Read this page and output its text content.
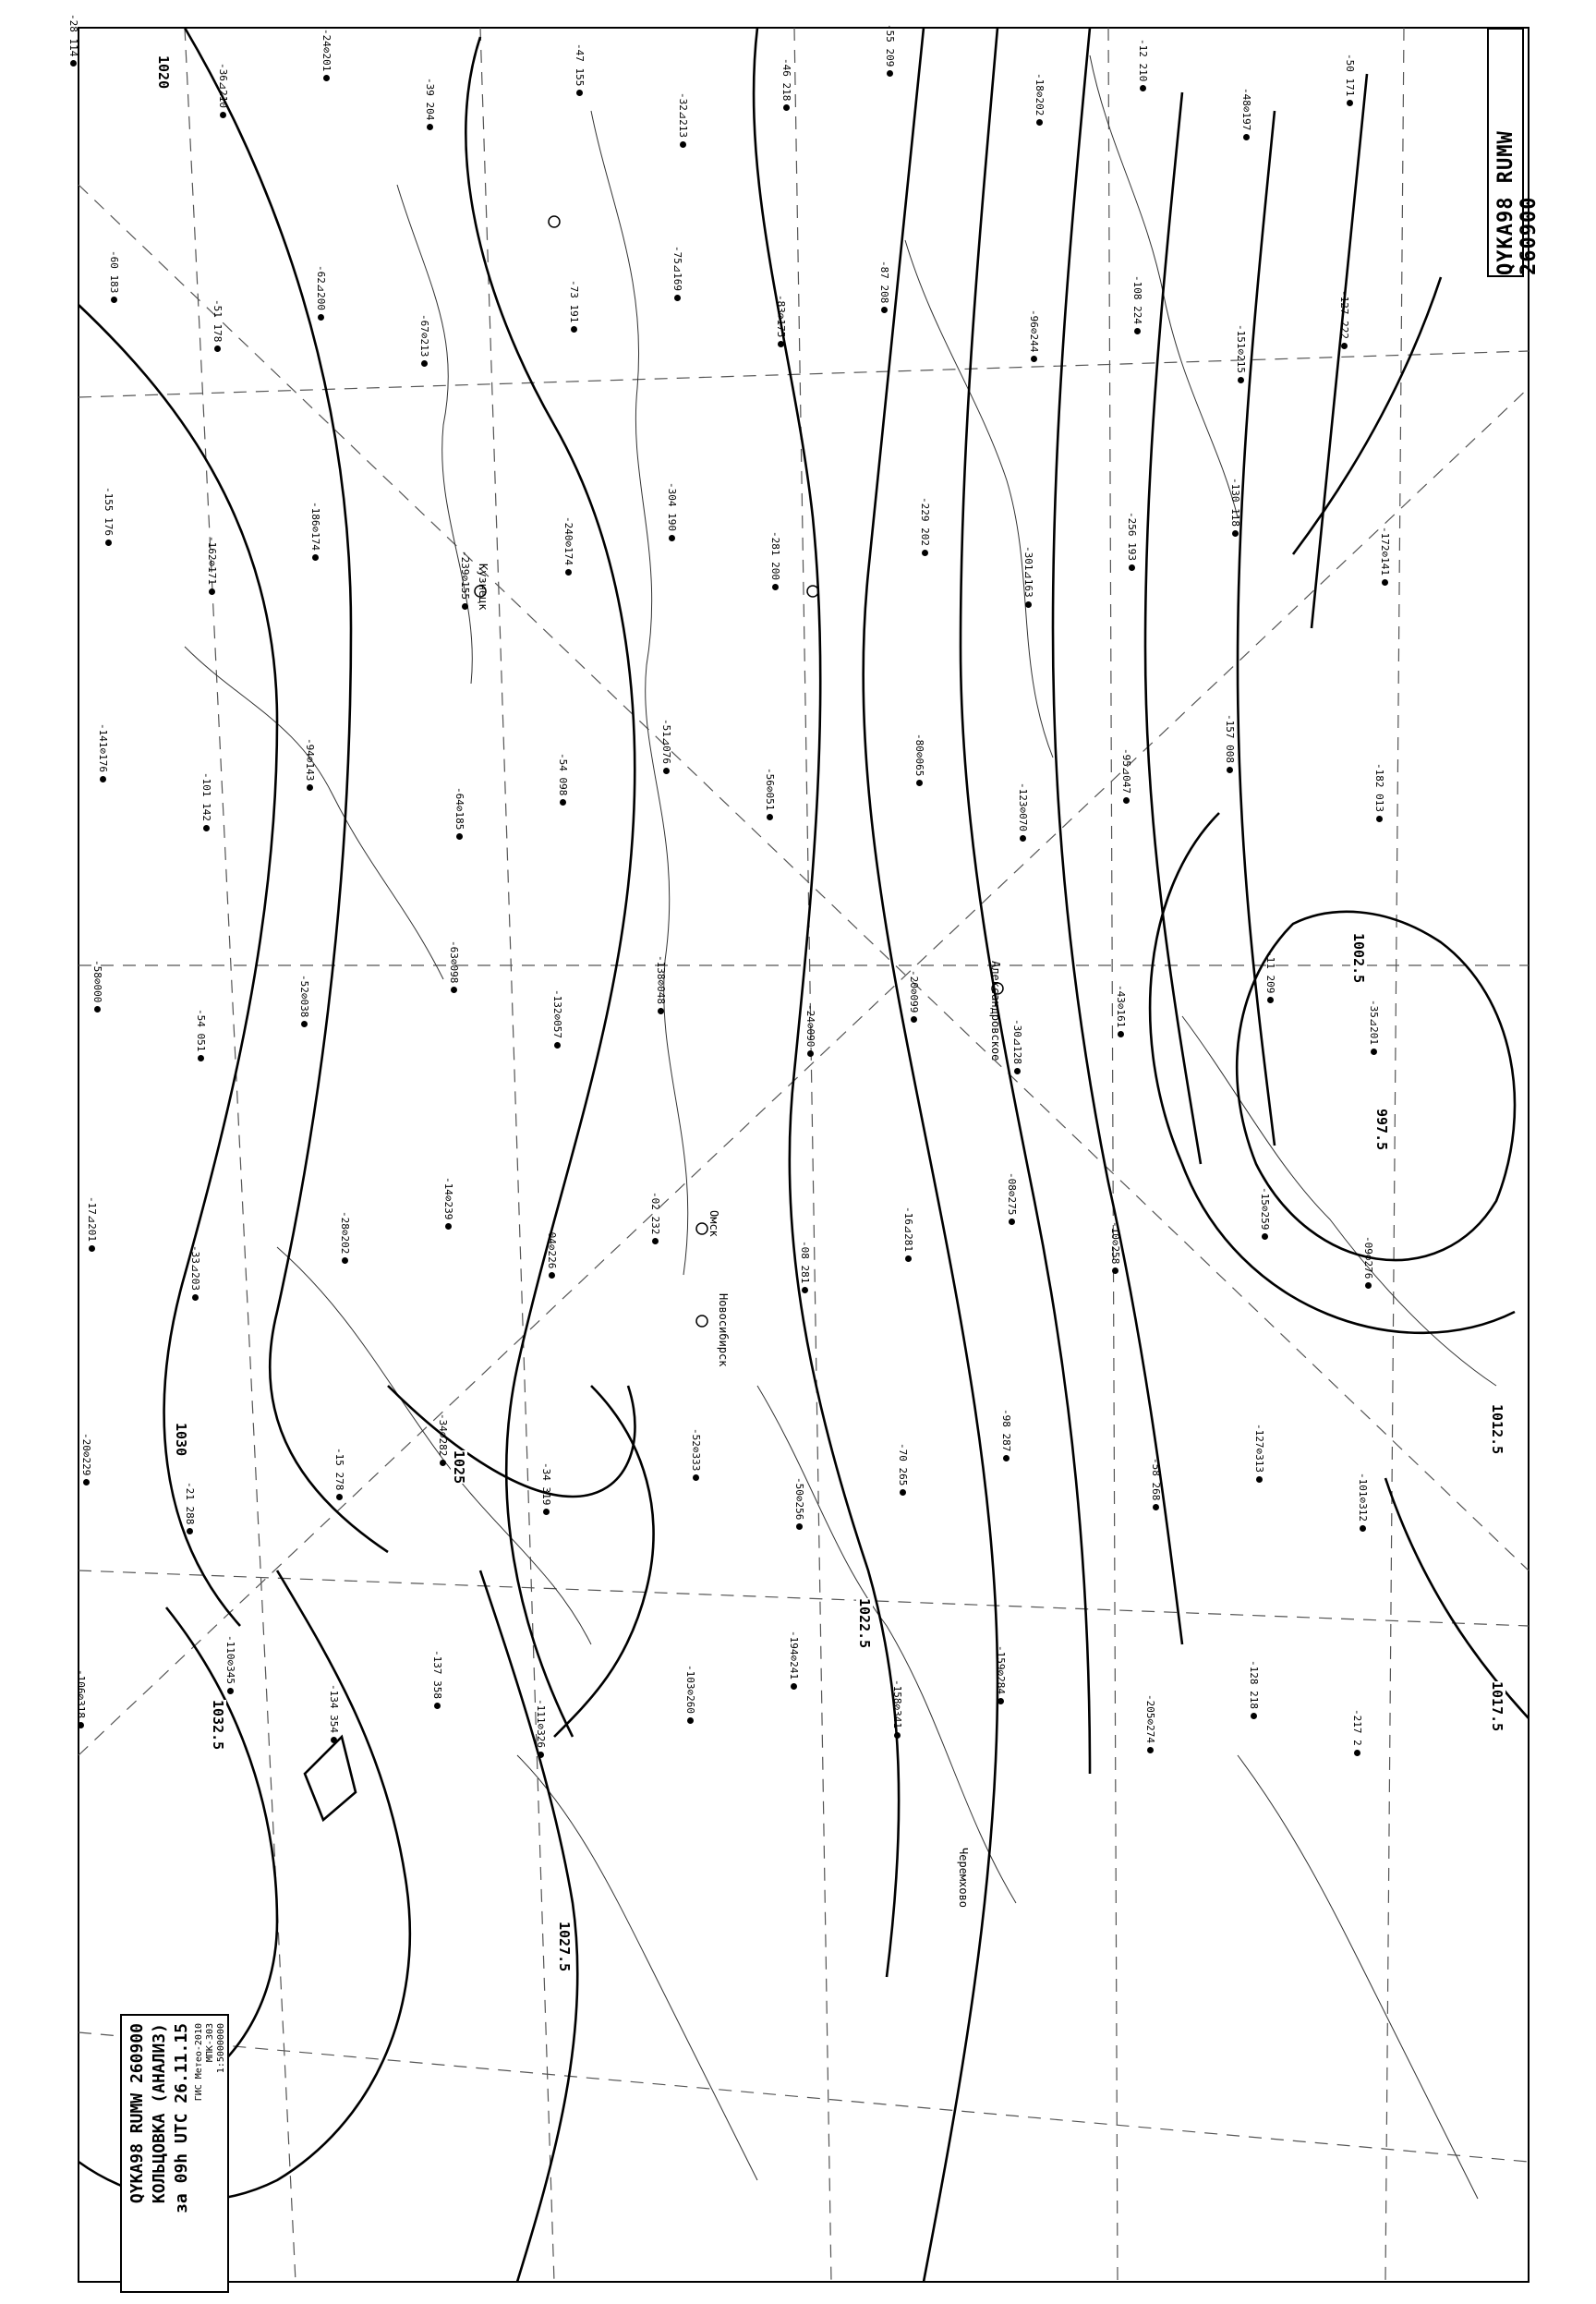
-28 114
-36⊿210
-24⊘201
-39 204
-47 155
-32⊿213
-46 218
-55 209
-18⊘202
-12 210
-48⊘197
-50 171
-60 183
-51 178
-62⊿200
-67⊘213
-73 191
-75⊿169
-83⊘175
-87 208
-96⊘244
-108 224
-151⊘215
-127 222
-155 176
-162⊘171
-186⊘174
-239⊘155
-240⊘174
-304 190
-281 200
-229 202
-301⊿163
-256 193
-130 118
-172⊘141
-141⊘176
-101 142
-94⊘143
-64⊘185
-54 098
-51⊿076
-56⊘051
-80⊘065
-123⊘070
-95⊿047
-157 008
-182 013
-58⊘000
-54 051
-52⊘038
-63⊘098
-132⊘057
-138⊘048
-24⊘090
-20⊘099
-30⊿128
-43⊘161
-11 209
-35⊿201
-17⊿201
-33⊿203
-28⊘202
-14⊘239
-04⊘226
-02 232
-08 281
-16⊿281
-08⊘275
-10⊘258
-15⊘259
-09⊘276
-20⊘229
-21 288
-15 278
-34⊘282
-34 319
-52⊘333
-50⊘256
-70 265
-98 287
-58 268
-127⊘313
-101⊘312
-106⊘318
-110⊘345
-134 354
-137 358
-111⊘326
-103⊘260
-194⊘241
-158⊘341
-159⊘284
-205⊘274
-128 218
-217 2
1020
1022.5
1025
1027.5
1030
1032.5
1002.5
997.5
1017.5
1012.5
Александровское
Омск
Кузнецк
Новосибирск
Черемхово
QYKA98 RUMW 260900
QYKA98 RUMW 260900 КОЛЬЦОВКА (АНАЛИЗ) за 09h UTC 26.11.15 ГИС Метео-2010 МПК-303 1:5000000
